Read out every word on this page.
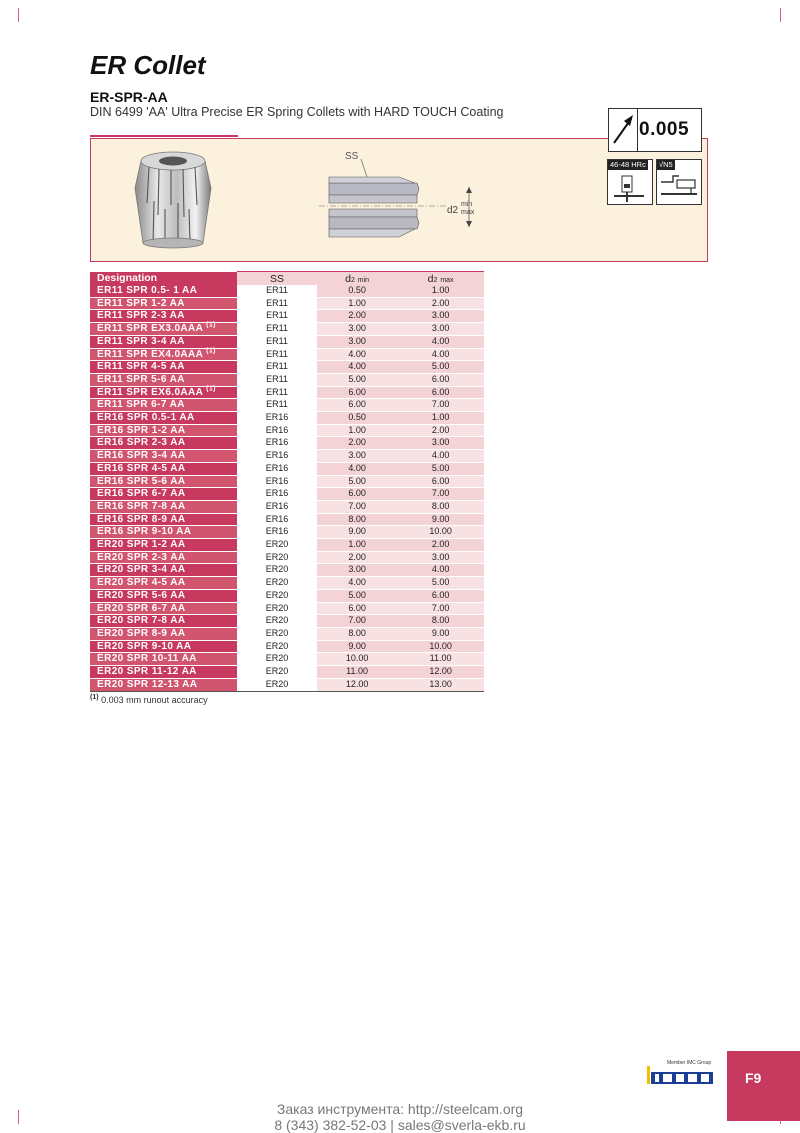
ER Collet
ER-SPR-AA
DIN 6499 'AA' Ultra Precise ER Spring Collets with HARD TOUCH Coating
SS
d2
min
max
46-48 HRc √N5
0.005
Designation	SS	d2 min	d2 max
ER11 SPR 0.5- 1 AA	ER11	0.50	1.00
ER11 SPR 1-2 AA	ER11	1.00	2.00
ER11 SPR 2-3 AA	ER11	2.00	3.00
ER11 SPR EX3.0AAA $^{(1)}$	ER11	3.00	3.00
ER11 SPR 3-4 AA	ER11	3.00	4.00
ER11 SPR EX4.0AAA $^{(1)}$	ER11	4.00	4.00
ER11 SPR 4-5 AA	ER11	4.00	5.00
ER11 SPR 5-6 AA	ER11	5.00	6.00
ER11 SPR EX6.0AAA $^{(1)}$	ER11	6.00	6.00
ER11 SPR 6-7 AA	ER11	6.00	7.00
ER16 SPR 0.5-1 AA	ER16	0.50	1.00
ER16 SPR 1-2 AA	ER16	1.00	2.00
ER16 SPR 2-3 AA	ER16	2.00	3.00
ER16 SPR 3-4 AA	ER16	3.00	4.00
ER16 SPR 4-5 AA	ER16	4.00	5.00
ER16 SPR 5-6 AA	ER16	5.00	6.00
ER16 SPR 6-7 AA	ER16	6.00	7.00
ER16 SPR 7-8 AA	ER16	7.00	8.00
ER16 SPR 8-9 AA	ER16	8.00	9.00
ER16 SPR 9-10 AA	ER16	9.00	10.00
ER20 SPR 1-2 AA	ER20	1.00	2.00
ER20 SPR 2-3 AA	ER20	2.00	3.00
ER20 SPR 3-4 AA	ER20	3.00	4.00
ER20 SPR 4-5 AA	ER20	4.00	5.00
ER20 SPR 5-6 AA	ER20	5.00	6.00
ER20 SPR 6-7 AA	ER20	6.00	7.00
ER20 SPR 7-8 AA	ER20	7.00	8.00
ER20 SPR 8-9 AA	ER20	8.00	9.00
ER20 SPR 9-10 AA	ER20	9.00	10.00
ER20 SPR 10-11 AA	ER20	10.00	11.00
ER20 SPR 11-12 AA	ER20	11.00	12.00
ER20 SPR 12-13 AA	ER20	12.00	13.00
$^{(1)}$ 0.003 mm runout accuracy
Member IMC Group
F9
Заказ инструмента: http://steelcam.org
8 (343) 382-52-03 | sales@sverla-ekb.ru
